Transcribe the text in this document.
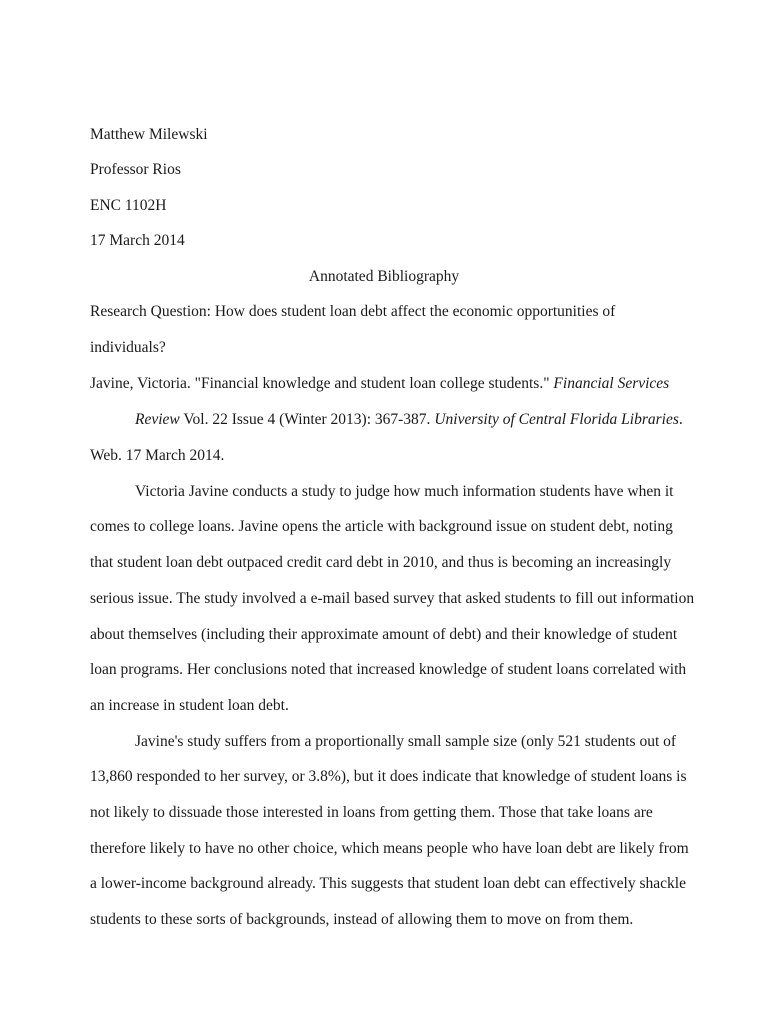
Matthew Milewski
Professor Rios
ENC 1102H
17 March 2014
Annotated Bibliography
Research Question: How does student loan debt affect the economic opportunities of
individuals?
Javine, Victoria. "Financial knowledge and student loan college students." Financial Services
Review Vol. 22 Issue 4 (Winter 2013): 367-387. University of Central Florida Libraries.
Web. 17 March 2014.
Victoria Javine conducts a study to judge how much information students have when it
comes to college loans. Javine opens the article with background issue on student debt, noting
that student loan debt outpaced credit card debt in 2010, and thus is becoming an increasingly
serious issue. The study involved a e-mail based survey that asked students to fill out information
about themselves (including their approximate amount of debt) and their knowledge of student
loan programs. Her conclusions noted that increased knowledge of student loans correlated with
an increase in student loan debt.
Javine's study suffers from a proportionally small sample size (only 521 students out of
13,860 responded to her survey, or 3.8%), but it does indicate that knowledge of student loans is
not likely to dissuade those interested in loans from getting them. Those that take loans are
therefore likely to have no other choice, which means people who have loan debt are likely from
a lower-income background already. This suggests that student loan debt can effectively shackle
students to these sorts of backgrounds, instead of allowing them to move on from them.
